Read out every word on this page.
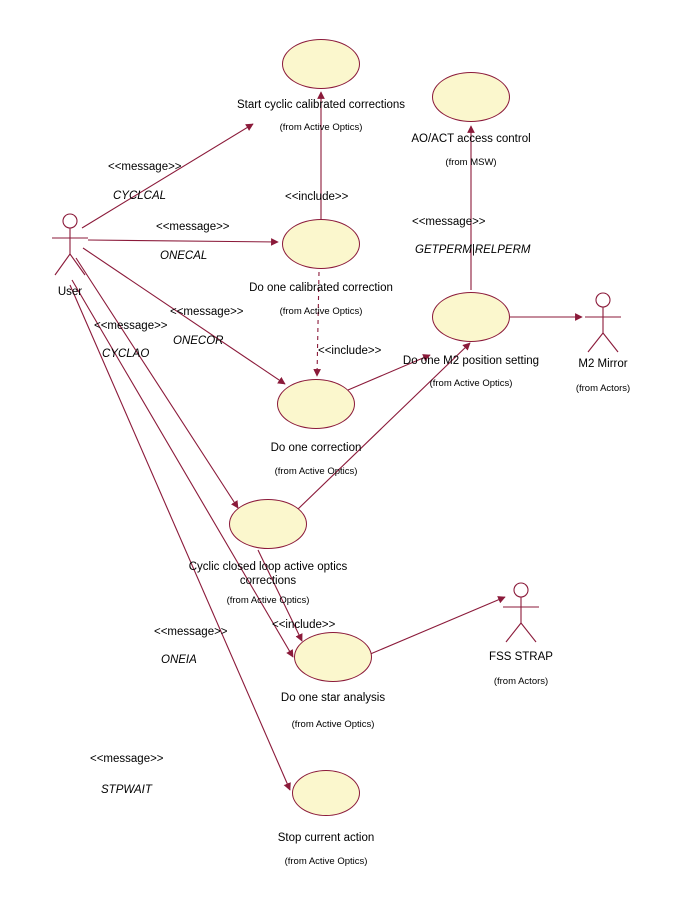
Start cyclic calibrated corrections
(from Active Optics)
AO/ACT access control
(from MSW)
Do one calibrated correction
(from Active Optics)
Do one M2 position setting
(from Active Optics)
Do one correction
(from Active Optics)
Cyclic closed loop active optics corrections
(from Active Optics)
Do one star analysis
(from Active Optics)
Stop current action
(from Active Optics)
User
M2 Mirror
(from Actors)
FSS STRAP
(from Actors)
<<message>>
CYCLCAL
<<message>>
ONECAL
<<message>>
ONECOR
<<message>>
CYCLAO
<<message>>
ONEIA
<<message>>
STPWAIT
<<message>>
GETPERM|RELPERM
<<include>>
<<include>>
<<include>>
